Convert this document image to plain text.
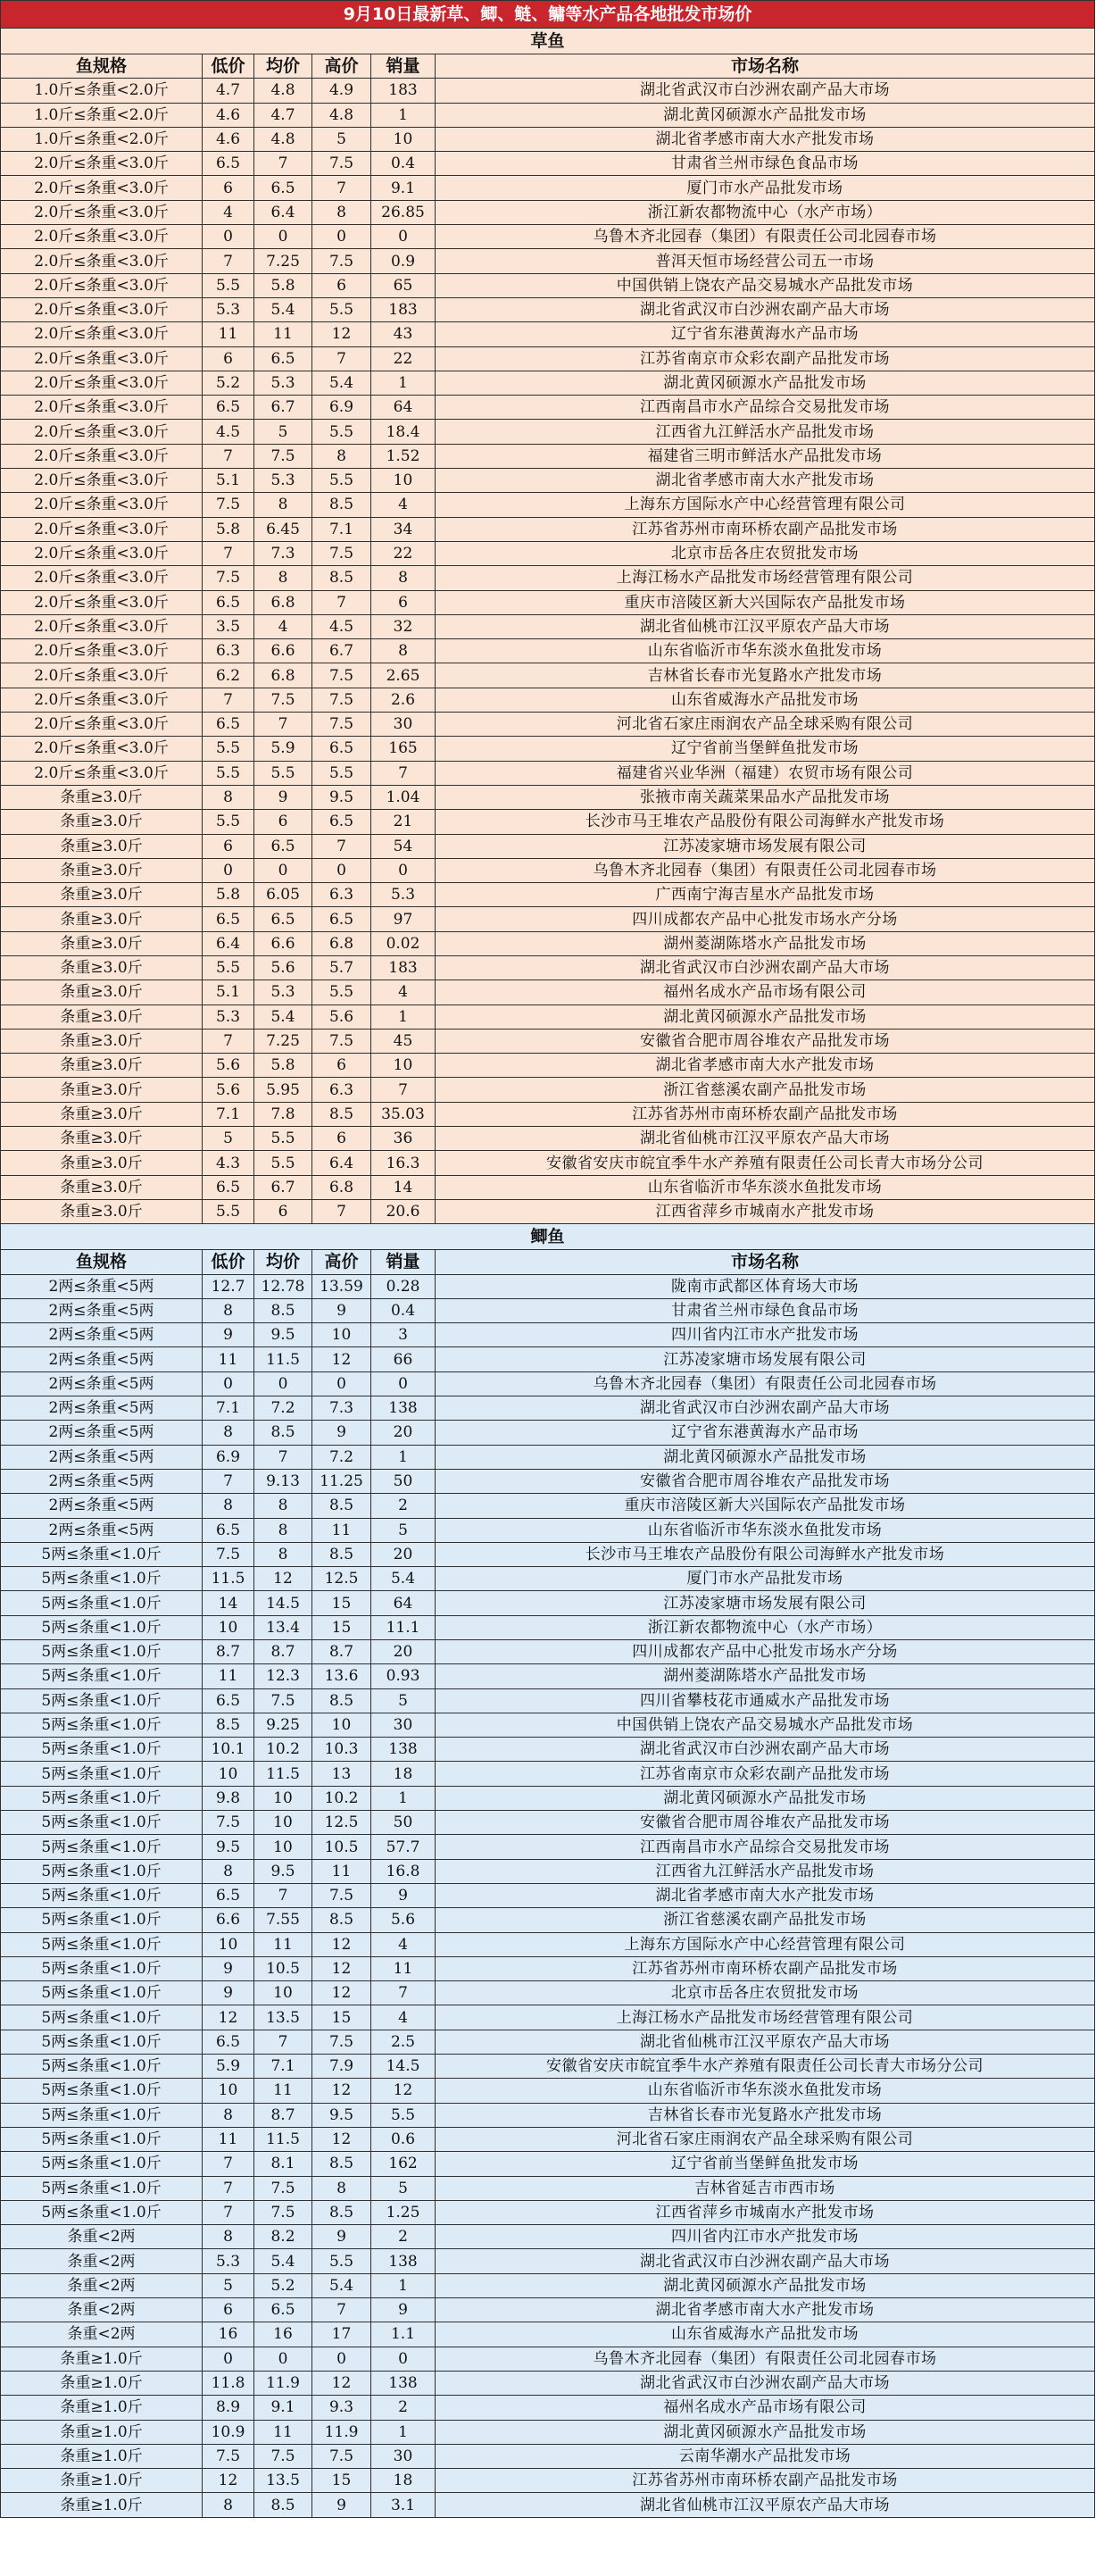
9月10日最新草、鲫、鲢、鳙等水产品各地批发市场价					
草鱼					
鱼规格	低价	均价	高价	销量	市场名称
1.0斤≤条重<2.0斤	4.7	4.8	4.9	183	湖北省武汉市白沙洲农副产品大市场
1.0斤≤条重<2.0斤	4.6	4.7	4.8	1	湖北黄冈硕源水产品批发市场
1.0斤≤条重<2.0斤	4.6	4.8	5	10	湖北省孝感市南大水产批发市场
2.0斤≤条重<3.0斤	6.5	7	7.5	0.4	甘肃省兰州市绿色食品市场
2.0斤≤条重<3.0斤	6	6.5	7	9.1	厦门市水产品批发市场
2.0斤≤条重<3.0斤	4	6.4	8	26.85	浙江新农都物流中心（水产市场）
2.0斤≤条重<3.0斤	0	0	0	0	乌鲁木齐北园春（集团）有限责任公司北园春市场
2.0斤≤条重<3.0斤	7	7.25	7.5	0.9	普洱天恒市场经营公司五一市场
2.0斤≤条重<3.0斤	5.5	5.8	6	65	中国供销上饶农产品交易城水产品批发市场
2.0斤≤条重<3.0斤	5.3	5.4	5.5	183	湖北省武汉市白沙洲农副产品大市场
2.0斤≤条重<3.0斤	11	11	12	43	辽宁省东港黄海水产品市场
2.0斤≤条重<3.0斤	6	6.5	7	22	江苏省南京市众彩农副产品批发市场
2.0斤≤条重<3.0斤	5.2	5.3	5.4	1	湖北黄冈硕源水产品批发市场
2.0斤≤条重<3.0斤	6.5	6.7	6.9	64	江西南昌市水产品综合交易批发市场
2.0斤≤条重<3.0斤	4.5	5	5.5	18.4	江西省九江鲜活水产品批发市场
2.0斤≤条重<3.0斤	7	7.5	8	1.52	福建省三明市鲜活水产品批发市场
2.0斤≤条重<3.0斤	5.1	5.3	5.5	10	湖北省孝感市南大水产批发市场
2.0斤≤条重<3.0斤	7.5	8	8.5	4	上海东方国际水产中心经营管理有限公司
2.0斤≤条重<3.0斤	5.8	6.45	7.1	34	江苏省苏州市南环桥农副产品批发市场
2.0斤≤条重<3.0斤	7	7.3	7.5	22	北京市岳各庄农贸批发市场
2.0斤≤条重<3.0斤	7.5	8	8.5	8	上海江杨水产品批发市场经营管理有限公司
2.0斤≤条重<3.0斤	6.5	6.8	7	6	重庆市涪陵区新大兴国际农产品批发市场
2.0斤≤条重<3.0斤	3.5	4	4.5	32	湖北省仙桃市江汉平原农产品大市场
2.0斤≤条重<3.0斤	6.3	6.6	6.7	8	山东省临沂市华东淡水鱼批发市场
2.0斤≤条重<3.0斤	6.2	6.8	7.5	2.65	吉林省长春市光复路水产批发市场
2.0斤≤条重<3.0斤	7	7.5	7.5	2.6	山东省威海水产品批发市场
2.0斤≤条重<3.0斤	6.5	7	7.5	30	河北省石家庄雨润农产品全球采购有限公司
2.0斤≤条重<3.0斤	5.5	5.9	6.5	165	辽宁省前当堡鲜鱼批发市场
2.0斤≤条重<3.0斤	5.5	5.5	5.5	7	福建省兴业华洲（福建）农贸市场有限公司
条重≥3.0斤	8	9	9.5	1.04	张掖市南关蔬菜果品水产品批发市场
条重≥3.0斤	5.5	6	6.5	21	长沙市马王堆农产品股份有限公司海鲜水产批发市场
条重≥3.0斤	6	6.5	7	54	江苏凌家塘市场发展有限公司
条重≥3.0斤	0	0	0	0	乌鲁木齐北园春（集团）有限责任公司北园春市场
条重≥3.0斤	5.8	6.05	6.3	5.3	广西南宁海吉星水产品批发市场
条重≥3.0斤	6.5	6.5	6.5	97	四川成都农产品中心批发市场水产分场
条重≥3.0斤	6.4	6.6	6.8	0.02	湖州菱湖陈塔水产品批发市场
条重≥3.0斤	5.5	5.6	5.7	183	湖北省武汉市白沙洲农副产品大市场
条重≥3.0斤	5.1	5.3	5.5	4	福州名成水产品市场有限公司
条重≥3.0斤	5.3	5.4	5.6	1	湖北黄冈硕源水产品批发市场
条重≥3.0斤	7	7.25	7.5	45	安徽省合肥市周谷堆农产品批发市场
条重≥3.0斤	5.6	5.8	6	10	湖北省孝感市南大水产批发市场
条重≥3.0斤	5.6	5.95	6.3	7	浙江省慈溪农副产品批发市场
条重≥3.0斤	7.1	7.8	8.5	35.03	江苏省苏州市南环桥农副产品批发市场
条重≥3.0斤	5	5.5	6	36	湖北省仙桃市江汉平原农产品大市场
条重≥3.0斤	4.3	5.5	6.4	16.3	安徽省安庆市皖宜季牛水产养殖有限责任公司长青大市场分公司
条重≥3.0斤	6.5	6.7	6.8	14	山东省临沂市华东淡水鱼批发市场
条重≥3.0斤	5.5	6	7	20.6	江西省萍乡市城南水产批发市场
鲫鱼					
鱼规格	低价	均价	高价	销量	市场名称
2两≤条重<5两	12.7	12.78	13.59	0.28	陇南市武都区体育场大市场
2两≤条重<5两	8	8.5	9	0.4	甘肃省兰州市绿色食品市场
2两≤条重<5两	9	9.5	10	3	四川省内江市水产批发市场
2两≤条重<5两	11	11.5	12	66	江苏凌家塘市场发展有限公司
2两≤条重<5两	0	0	0	0	乌鲁木齐北园春（集团）有限责任公司北园春市场
2两≤条重<5两	7.1	7.2	7.3	138	湖北省武汉市白沙洲农副产品大市场
2两≤条重<5两	8	8.5	9	20	辽宁省东港黄海水产品市场
2两≤条重<5两	6.9	7	7.2	1	湖北黄冈硕源水产品批发市场
2两≤条重<5两	7	9.13	11.25	50	安徽省合肥市周谷堆农产品批发市场
2两≤条重<5两	8	8	8.5	2	重庆市涪陵区新大兴国际农产品批发市场
2两≤条重<5两	6.5	8	11	5	山东省临沂市华东淡水鱼批发市场
5两≤条重<1.0斤	7.5	8	8.5	20	长沙市马王堆农产品股份有限公司海鲜水产批发市场
5两≤条重<1.0斤	11.5	12	12.5	5.4	厦门市水产品批发市场
5两≤条重<1.0斤	14	14.5	15	64	江苏凌家塘市场发展有限公司
5两≤条重<1.0斤	10	13.4	15	11.1	浙江新农都物流中心（水产市场）
5两≤条重<1.0斤	8.7	8.7	8.7	20	四川成都农产品中心批发市场水产分场
5两≤条重<1.0斤	11	12.3	13.6	0.93	湖州菱湖陈塔水产品批发市场
5两≤条重<1.0斤	6.5	7.5	8.5	5	四川省攀枝花市通威水产品批发市场
5两≤条重<1.0斤	8.5	9.25	10	30	中国供销上饶农产品交易城水产品批发市场
5两≤条重<1.0斤	10.1	10.2	10.3	138	湖北省武汉市白沙洲农副产品大市场
5两≤条重<1.0斤	10	11.5	13	18	江苏省南京市众彩农副产品批发市场
5两≤条重<1.0斤	9.8	10	10.2	1	湖北黄冈硕源水产品批发市场
5两≤条重<1.0斤	7.5	10	12.5	50	安徽省合肥市周谷堆农产品批发市场
5两≤条重<1.0斤	9.5	10	10.5	57.7	江西南昌市水产品综合交易批发市场
5两≤条重<1.0斤	8	9.5	11	16.8	江西省九江鲜活水产品批发市场
5两≤条重<1.0斤	6.5	7	7.5	9	湖北省孝感市南大水产批发市场
5两≤条重<1.0斤	6.6	7.55	8.5	5.6	浙江省慈溪农副产品批发市场
5两≤条重<1.0斤	10	11	12	4	上海东方国际水产中心经营管理有限公司
5两≤条重<1.0斤	9	10.5	12	11	江苏省苏州市南环桥农副产品批发市场
5两≤条重<1.0斤	9	10	12	7	北京市岳各庄农贸批发市场
5两≤条重<1.0斤	12	13.5	15	4	上海江杨水产品批发市场经营管理有限公司
5两≤条重<1.0斤	6.5	7	7.5	2.5	湖北省仙桃市江汉平原农产品大市场
5两≤条重<1.0斤	5.9	7.1	7.9	14.5	安徽省安庆市皖宜季牛水产养殖有限责任公司长青大市场分公司
5两≤条重<1.0斤	10	11	12	12	山东省临沂市华东淡水鱼批发市场
5两≤条重<1.0斤	8	8.7	9.5	5.5	吉林省长春市光复路水产批发市场
5两≤条重<1.0斤	11	11.5	12	0.6	河北省石家庄雨润农产品全球采购有限公司
5两≤条重<1.0斤	7	8.1	8.5	162	辽宁省前当堡鲜鱼批发市场
5两≤条重<1.0斤	7	7.5	8	5	吉林省延吉市西市场
5两≤条重<1.0斤	7	7.5	8.5	1.25	江西省萍乡市城南水产批发市场
条重<2两	8	8.2	9	2	四川省内江市水产批发市场
条重<2两	5.3	5.4	5.5	138	湖北省武汉市白沙洲农副产品大市场
条重<2两	5	5.2	5.4	1	湖北黄冈硕源水产品批发市场
条重<2两	6	6.5	7	9	湖北省孝感市南大水产批发市场
条重<2两	16	16	17	1.1	山东省威海水产品批发市场
条重≥1.0斤	0	0	0	0	乌鲁木齐北园春（集团）有限责任公司北园春市场
条重≥1.0斤	11.8	11.9	12	138	湖北省武汉市白沙洲农副产品大市场
条重≥1.0斤	8.9	9.1	9.3	2	福州名成水产品市场有限公司
条重≥1.0斤	10.9	11	11.9	1	湖北黄冈硕源水产品批发市场
条重≥1.0斤	7.5	7.5	7.5	30	云南华潮水产品批发市场
条重≥1.0斤	12	13.5	15	18	江苏省苏州市南环桥农副产品批发市场
条重≥1.0斤	8	8.5	9	3.1	湖北省仙桃市江汉平原农产品大市场
